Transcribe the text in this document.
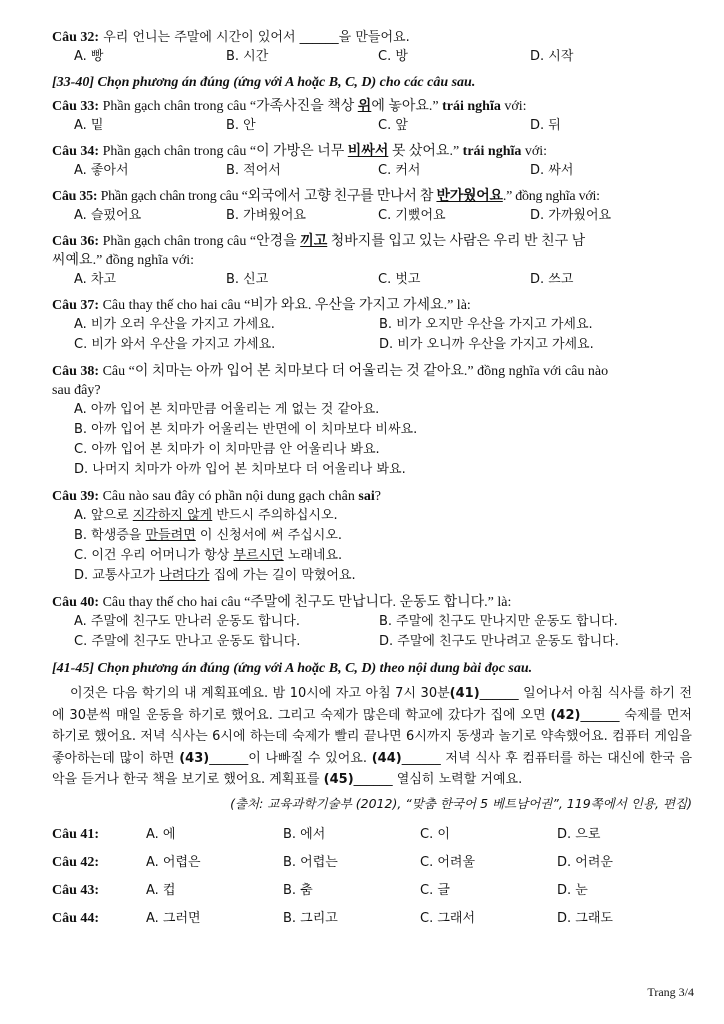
Câu 32: 우리 언니는 주말에 시간이 있어서 ______을 만들어요.

A. 빵	B. 시간	C. 방	D. 시작

[33-40] Chọn phương án đúng (ứng với A hoặc B, C, D) cho các câu sau.

Câu 33: Phần gạch chân trong câu “가족사진을 책상 위에 놓아요.” trái nghĩa với:

A. 밑	B. 안	C. 앞	D. 뒤

Câu 34: Phần gạch chân trong câu “이 가방은 너무 비싸서 못 샀어요.” trái nghĩa với:

A. 좋아서	B. 적어서	C. 커서	D. 싸서

Câu 35: Phần gạch chân trong câu “외국에서 고향 친구를 만나서 참 반가웠어요.” đồng nghĩa với:

A. 슬펐어요	B. 가벼웠어요	C. 기뻤어요	D. 가까웠어요

Câu 36: Phần gạch chân trong câu “안경을 끼고 청바지를 입고 있는 사람은 우리 반 친구 남

씨예요.” đồng nghĩa với:

A. 차고	B. 신고	C. 벗고	D. 쓰고

Câu 37: Câu thay thế cho hai câu “비가 와요. 우산을 가지고 가세요.” là:

A. 비가 오러 우산을 가지고 가세요.	B. 비가 오지만 우산을 가지고 가세요.
C. 비가 와서 우산을 가지고 가세요.	D. 비가 오니까 우산을 가지고 가세요.

Câu 38: Câu “이 치마는 아까 입어 본 치마보다 더 어울리는 것 같아요.” đồng nghĩa với câu nào

sau đây?

A. 아까 입어 본 치마만큼 어울리는 게 없는 것 같아요.
B. 아까 입어 본 치마가 어울리는 반면에 이 치마보다 비싸요.
C. 아까 입어 본 치마가 이 치마만큼 안 어울리나 봐요.
D. 나머지 치마가 아까 입어 본 치마보다 더 어울리나 봐요.

Câu 39: Câu nào sau đây có phần nội dung gạch chân sai?

A. 앞으로 지각하지 않게 반드시 주의하십시오.
B. 학생증을 만들려면 이 신청서에 써 주십시오.
C. 이건 우리 어머니가 항상 부르시던 노래네요.
D. 교통사고가 나려다가 집에 가는 길이 막혔어요.

Câu 40: Câu thay thế cho hai câu “주말에 친구도 만납니다. 운동도 합니다.” là:

A. 주말에 친구도 만나러 운동도 합니다.	B. 주말에 친구도 만나지만 운동도 합니다.
C. 주말에 친구도 만나고 운동도 합니다.	D. 주말에 친구도 만나려고 운동도 합니다.

[41-45] Chọn phương án đúng (ứng với A hoặc B, C, D) theo nội dung bài đọc sau.

이것은 다음 학기의 내 계획표예요. 밤 10시에 자고 아침 7시 30분(41)______ 일어나서 아침 식사를 하기 전에 30분씩 매일 운동을 하기로 했어요. 그리고 숙제가 많은데 학교에 갔다가 집에 오면 (42)______ 숙제를 먼저 하기로 했어요. 저녁 식사는 6시에 하는데 숙제가 빨리 끝나면 6시까지 동생과 놀기로 약속했어요. 컴퓨터 게임을 좋아하는데 많이 하면 (43)______이 나빠질 수 있어요. (44)______ 저녁 식사 후 컴퓨터를 하는 대신에 한국 음악을 듣거나 한국 책을 보기로 했어요. 계획표를 (45)______ 열심히 노력할 거예요.

(출처: 교육과학기술부 (2012), “맞춤 한국어 5 베트남어권”, 119쪽에서 인용, 편집)

Câu 41:	A. 에	B. 에서	C. 이	D. 으로
Câu 42:	A. 어렵은	B. 어렵는	C. 어려울	D. 어려운
Câu 43:	A. 컵	B. 춤	C. 글	D. 눈
Câu 44:	A. 그러면	B. 그리고	C. 그래서	D. 그래도
Trang 3/4
